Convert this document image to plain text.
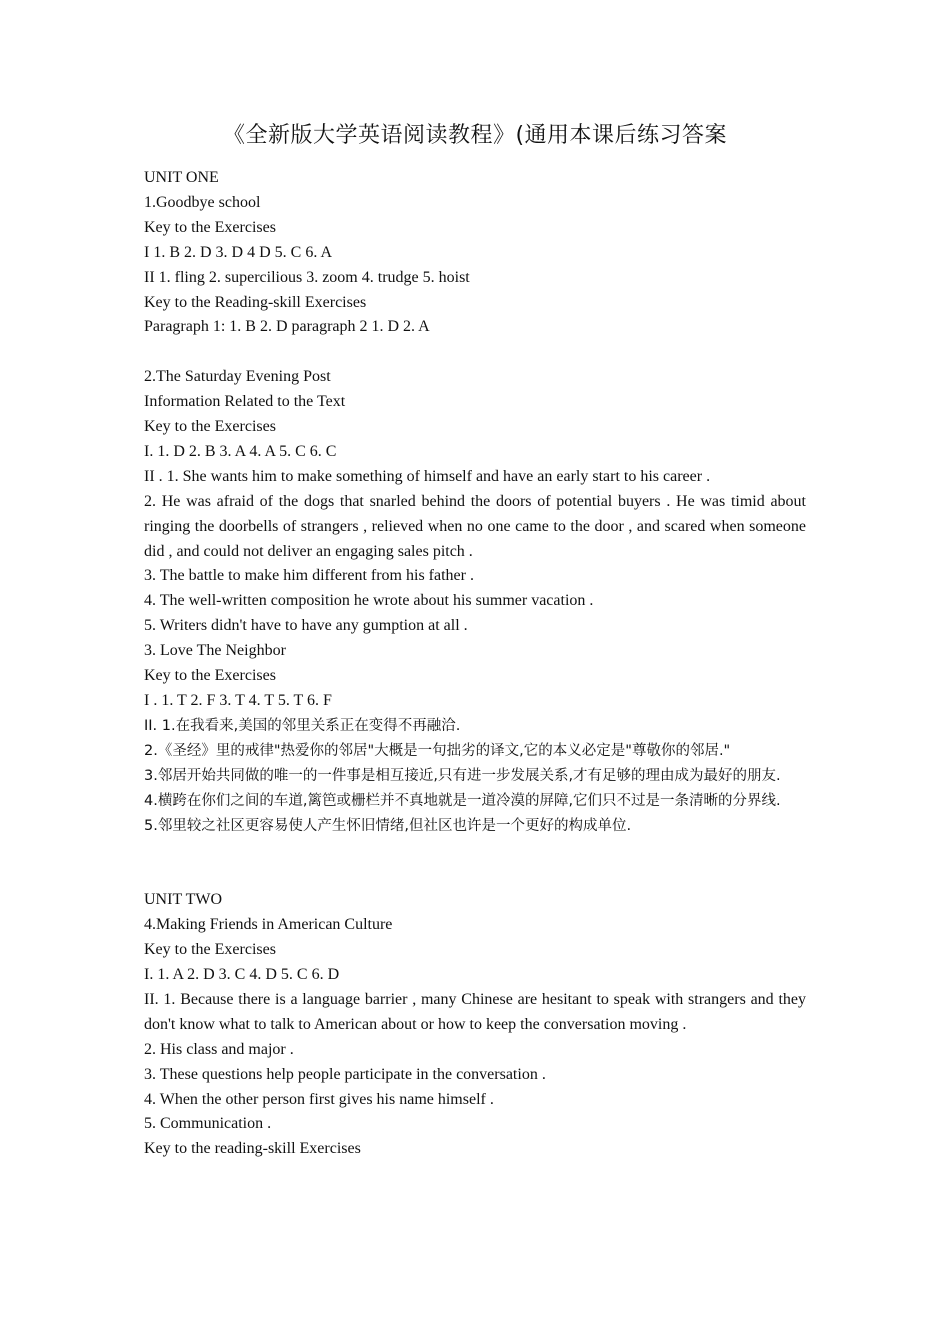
《全新版大学英语阅读教程》(通用本课后练习答案
UNIT ONE
1.Goodbye school
Key to the Exercises
I 1. B 2. D 3. D 4 D 5. C 6. A
II 1. fling 2. supercilious 3. zoom 4. trudge 5. hoist
Key to the Reading-skill Exercises
Paragraph 1: 1. B 2. D paragraph 2 1. D 2. A
2.The Saturday Evening Post
Information Related to the Text
Key to the Exercises
I. 1. D 2. B 3. A 4. A 5. C 6. C
II . 1. She wants him to make something of himself and have an early start to his career .
2. He was afraid of the dogs that snarled behind the doors of potential buyers . He was timid about ringing the doorbells of strangers , relieved when no one came to the door , and scared when someone did , and could not deliver an engaging sales pitch .
3. The battle to make him different from his father .
4. The well-written composition he wrote about his summer vacation .
5. Writers didn't have to have any gumption at all .
3. Love The Neighbor
Key to the Exercises
I . 1. T 2. F 3. T 4. T 5. T 6. F
II. 1.在我看来,美国的邻里关系正在变得不再融洽.
2.《圣经》里的戒律"热爱你的邻居"大概是一句拙劣的译文,它的本义必定是"尊敬你的邻居."
3.邻居开始共同做的唯一的一件事是相互接近,只有进一步发展关系,才有足够的理由成为最好的朋友.
4.横跨在你们之间的车道,篱笆或栅栏并不真地就是一道冷漠的屏障,它们只不过是一条清晰的分界线.
5.邻里较之社区更容易使人产生怀旧情绪,但社区也许是一个更好的构成单位.
UNIT TWO
4.Making Friends in American Culture
Key to the Exercises
I. 1. A 2. D 3. C 4. D 5. C 6. D
II. 1. Because there is a language barrier , many Chinese are hesitant to speak with strangers and they don't know what to talk to American about or how to keep the conversation moving .
2. His class and major .
3. These questions help people participate in the conversation .
4. When the other person first gives his name himself .
5. Communication .
Key to the reading-skill Exercises
